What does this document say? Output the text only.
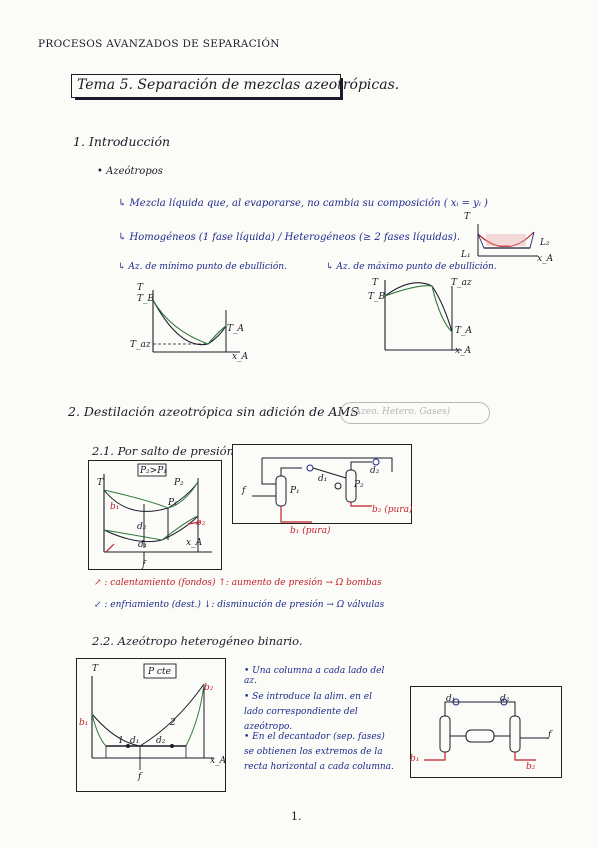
PROCESOS AVANZADOS DE SEPARACIÓN
Tema 5. Separación de mezclas azeotrópicas.
1. Introducción
• Azeótropos
↳ Mezcla líquida que, al evaporarse, no cambia su composición ( xᵢ = yᵢ )
↳ Homogéneos (1 fase líquida) / Heterogéneos (≥ 2 fases líquidas).
↳ Az. de mínimo punto de ebullición.	↳ Az. de máximo punto de ebullición.
T
L₁
L₂
x_A
T
T_B
T_A
T_az
x_A
T
T_B
T_az
T_A
x_A
2. Destilación azeotrópica sin adición de AMS
(Azeo. Hetero. Gases)
2.1. Por salto de presión
T
P₂>P₁
P₂
P₁
b₁
b₂
d₂
d₁	x_A
f
f	P₁
P₂
d₁
d₂
b₁ (pura)
b₂ (pura)
↗ : calentamiento (fondos) ↑: aumento de presión → Ω bombas
↙ : enfriamiento (dest.) ↓: disminución de presión → Ω válvulas
2.2. Azeótropo heterogéneo binario.
T	P cte
b₂
b₁
1
2
d₁ d₂
x_A
f
• Una columna a cada lado del az.
• Se introduce la alim. en el lado correspondiente del azeótropo.
• En el decantador (sep. fases) se obtienen los extremos de la recta horizontal a cada columna.
d₁	d₂
f
b₁
b₂
1.
